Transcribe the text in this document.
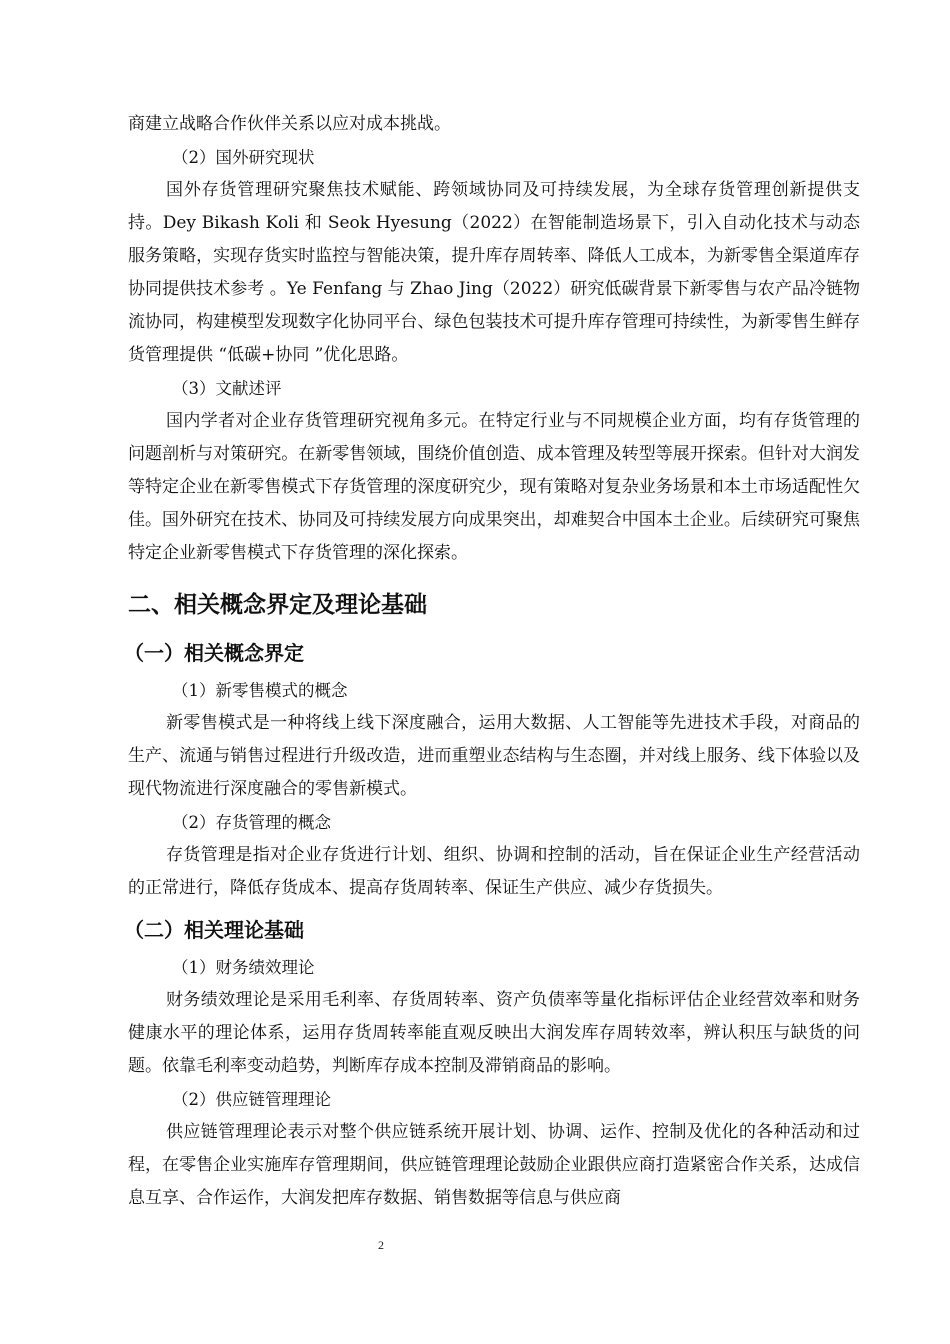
商建立战略合作伙伴关系以应对成本挑战。

（2）国外研究现状

国外存货管理研究聚焦技术赋能、跨领域协同及可持续发展，为全球存货管理创新提供支持。Dey Bikash Koli 和 Seok Hyesung（2022）在智能制造场景下，引入自动化技术与动态服务策略，实现存货实时监控与智能决策，提升库存周转率、降低人工成本，为新零售全渠道库存协同提供技术参考 。Ye Fenfang 与 Zhao Jing（2022）研究低碳背景下新零售与农产品冷链物流协同，构建模型发现数字化协同平台、绿色包装技术可提升库存管理可持续性，为新零售生鲜存货管理提供 “低碳+协同 ”优化思路。

（3）文献述评

国内学者对企业存货管理研究视角多元。在特定行业与不同规模企业方面，均有存货管理的问题剖析与对策研究。在新零售领域，围绕价值创造、成本管理及转型等展开探索。但针对大润发等特定企业在新零售模式下存货管理的深度研究少，现有策略对复杂业务场景和本土市场适配性欠佳。国外研究在技术、协同及可持续发展方向成果突出，却难契合中国本土企业。后续研究可聚焦特定企业新零售模式下存货管理的深化探索。

二、相关概念界定及理论基础
（一）相关概念界定

（1）新零售模式的概念

新零售模式是一种将线上线下深度融合，运用大数据、人工智能等先进技术手段，对商品的生产、流通与销售过程进行升级改造，进而重塑业态结构与生态圈，并对线上服务、线下体验以及现代物流进行深度融合的零售新模式。

（2）存货管理的概念

存货管理是指对企业存货进行计划、组织、协调和控制的活动，旨在保证企业生产经营活动的正常进行，降低存货成本、提高存货周转率、保证生产供应、减少存货损失。

（二）相关理论基础

（1）财务绩效理论

财务绩效理论是采用毛利率、存货周转率、资产负债率等量化指标评估企业经营效率和财务健康水平的理论体系，运用存货周转率能直观反映出大润发库存周转效率，辨认积压与缺货的问题。依靠毛利率变动趋势，判断库存成本控制及滞销商品的影响。

（2）供应链管理理论

供应链管理理论表示对整个供应链系统开展计划、协调、运作、控制及优化的各种活动和过程，在零售企业实施库存管理期间，供应链管理理论鼓励企业跟供应商打造紧密合作关系，达成信息互享、合作运作，大润发把库存数据、销售数据等信息与供应商

2
